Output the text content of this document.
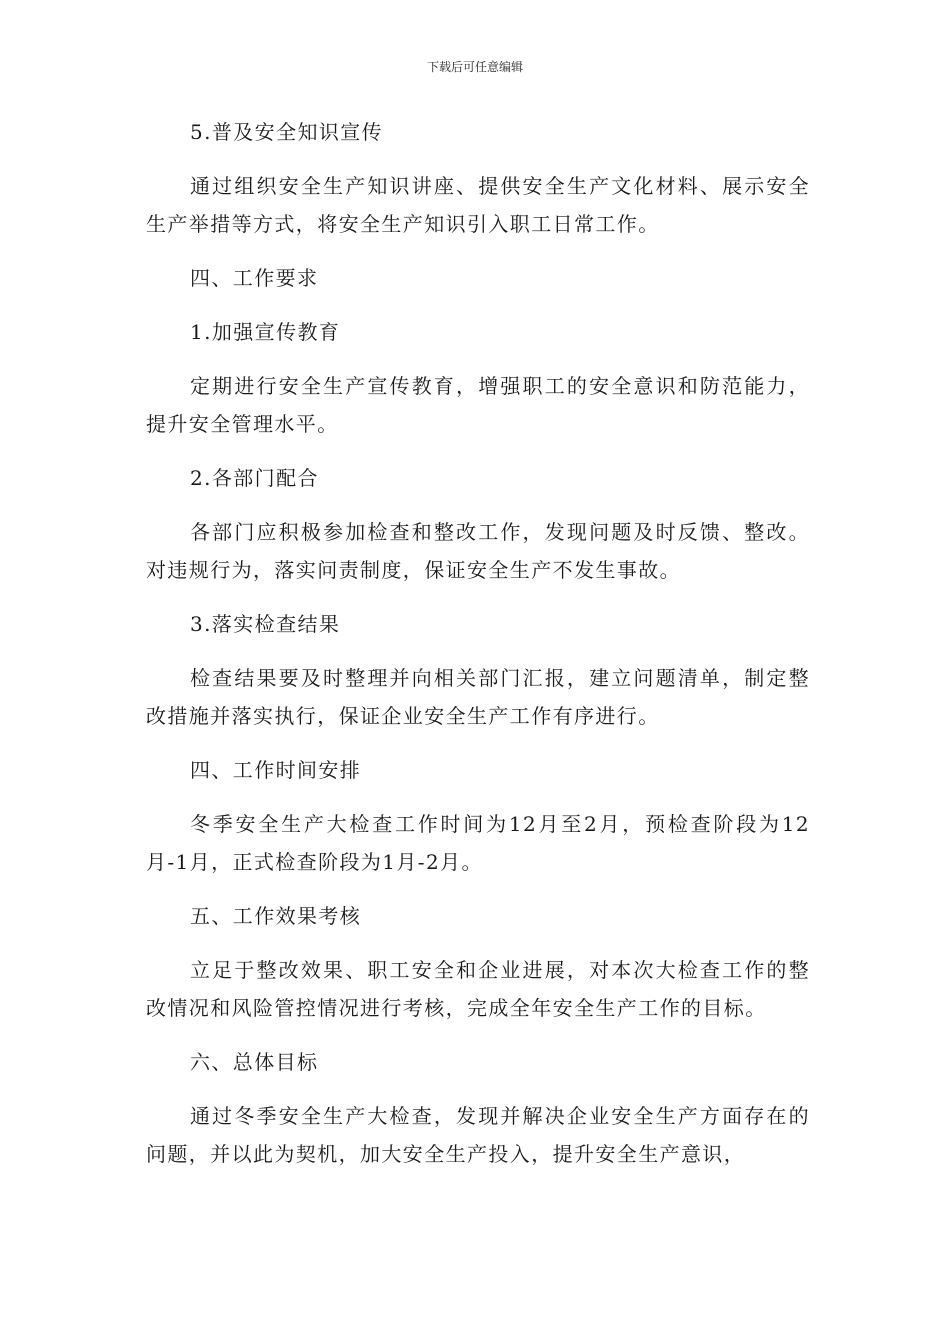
下载后可任意编辑

5.普及安全知识宣传

通过组织安全生产知识讲座、提供安全生产文化材料、展示安全生产举措等方式，将安全生产知识引入职工日常工作。

四、工作要求

1.加强宣传教育

定期进行安全生产宣传教育，增强职工的安全意识和防范能力，提升安全管理水平。

2.各部门配合

各部门应积极参加检查和整改工作，发现问题及时反馈、整改。对违规行为，落实问责制度，保证安全生产不发生事故。

3.落实检查结果

检查结果要及时整理并向相关部门汇报，建立问题清单，制定整改措施并落实执行，保证企业安全生产工作有序进行。

四、工作时间安排

冬季安全生产大检查工作时间为12月至2月，预检查阶段为12月-1月，正式检查阶段为1月-2月。

五、工作效果考核

立足于整改效果、职工安全和企业进展，对本次大检查工作的整改情况和风险管控情况进行考核，完成全年安全生产工作的目标。

六、总体目标

通过冬季安全生产大检查，发现并解决企业安全生产方面存在的问题，并以此为契机，加大安全生产投入，提升安全生产意识，
